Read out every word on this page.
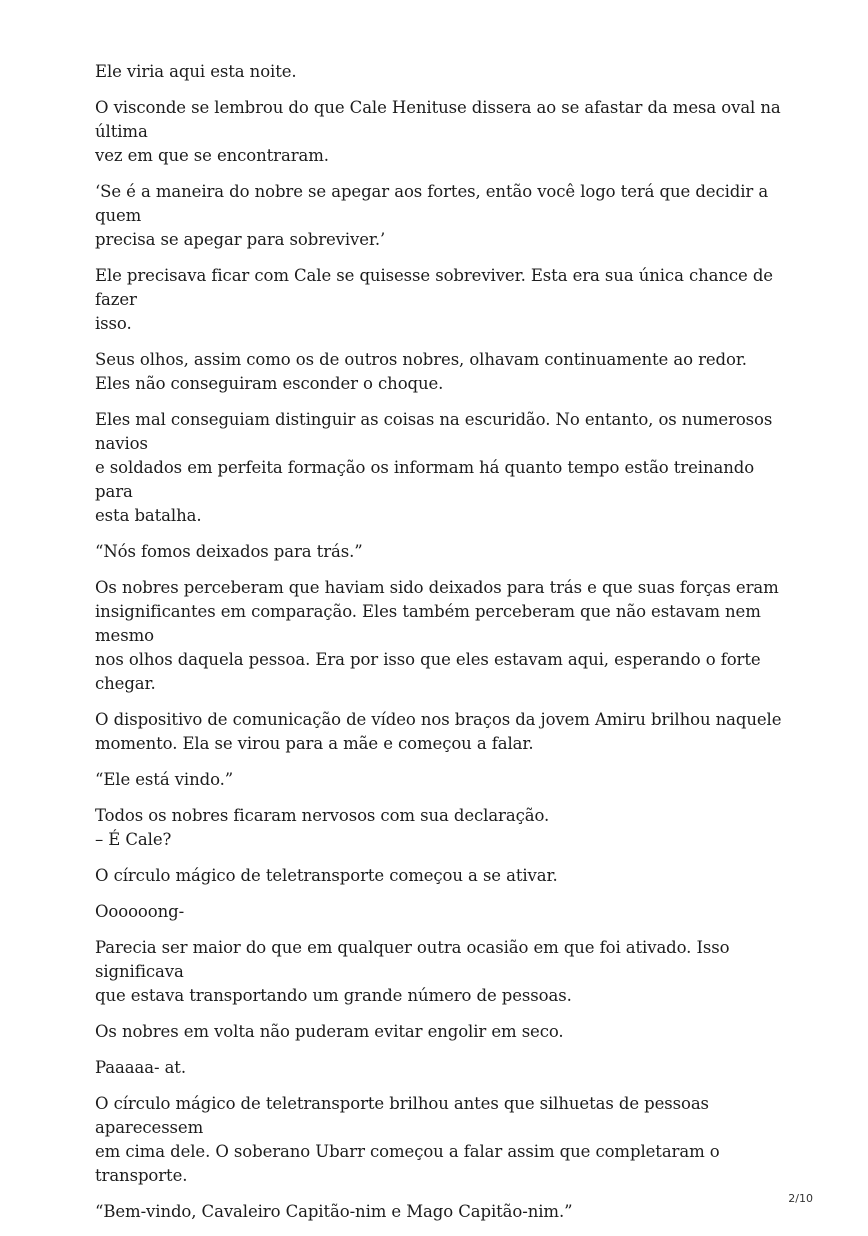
Ele viria aqui esta noite.

O visconde se lembrou do que Cale Henituse dissera ao se afastar da mesa oval na última
vez em que se encontraram.

‘Se é a maneira do nobre se apegar aos fortes, então você logo terá que decidir a quem
precisa se apegar para sobreviver.’

Ele precisava ficar com Cale se quisesse sobreviver. Esta era sua única chance de fazer
isso.

Seus olhos, assim como os de outros nobres, olhavam continuamente ao redor.
Eles não conseguiram esconder o choque.

Eles mal conseguiam distinguir as coisas na escuridão. No entanto, os numerosos navios
e soldados em perfeita formação os informam há quanto tempo estão treinando para
esta batalha.

“Nós fomos deixados para trás.”

Os nobres perceberam que haviam sido deixados para trás e que suas forças eram
insignificantes em comparação. Eles também perceberam que não estavam nem mesmo
nos olhos daquela pessoa. Era por isso que eles estavam aqui, esperando o forte chegar.

O dispositivo de comunicação de vídeo nos braços da jovem Amiru brilhou naquele
momento. Ela se virou para a mãe e começou a falar.

“Ele está vindo.”

Todos os nobres ficaram nervosos com sua declaração.
– É Cale?

O círculo mágico de teletransporte começou a se ativar.

Oooooong-

Parecia ser maior do que em qualquer outra ocasião em que foi ativado. Isso significava
que estava transportando um grande número de pessoas.

Os nobres em volta não puderam evitar engolir em seco.

Paaaaa- at.

O círculo mágico de teletransporte brilhou antes que silhuetas de pessoas aparecessem
em cima dele. O soberano Ubarr começou a falar assim que completaram o transporte.

“Bem-vindo, Cavaleiro Capitão-nim e Mago Capitão-nim.”

2/10
